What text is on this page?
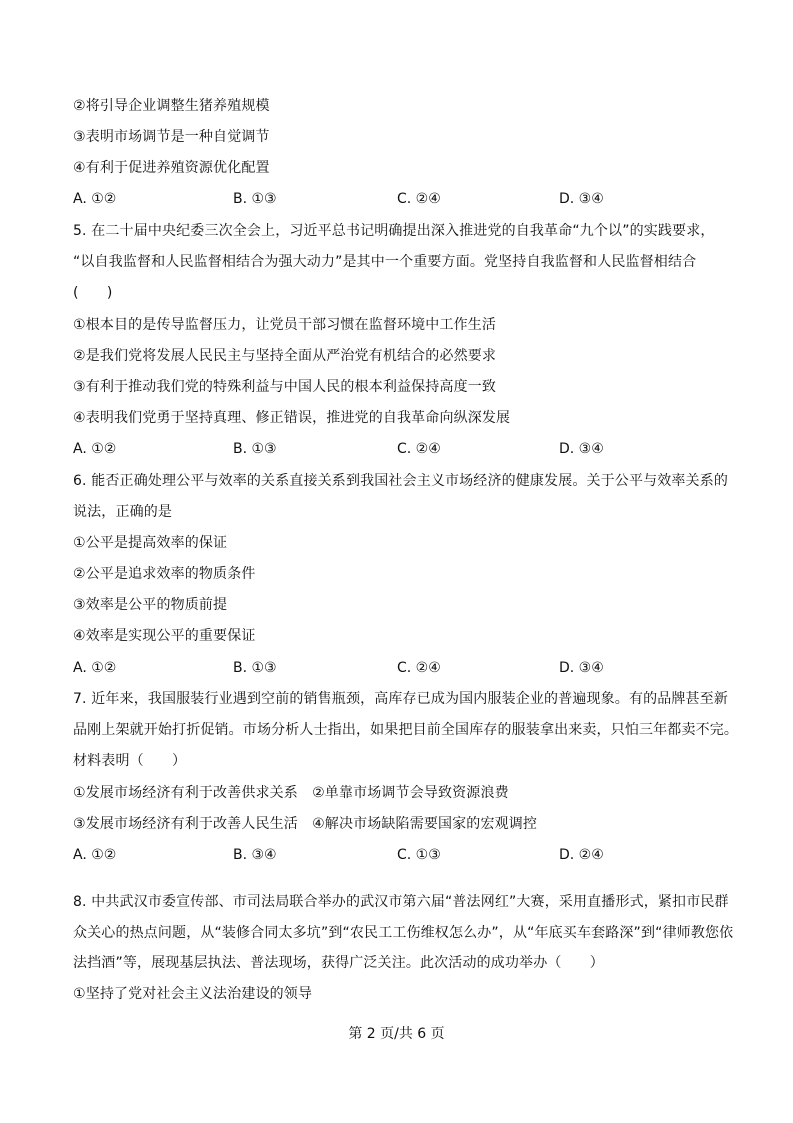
②将引导企业调整生猪养殖规模
③表明市场调节是一种自觉调节
④有利于促进养殖资源优化配置
A. ①②	B. ①③	C. ②④	D. ③④
5. 在二十届中央纪委三次全会上，习近平总书记明确提出深入推进党的自我革命“九个以”的实践要求，
“以自我监督和人民监督相结合为强大动力”是其中一个重要方面。党坚持自我监督和人民监督相结合
(　　)
①根本目的是传导监督压力，让党员干部习惯在监督环境中工作生活
②是我们党将发展人民民主与坚持全面从严治党有机结合的必然要求
③有利于推动我们党的特殊利益与中国人民的根本利益保持高度一致
④表明我们党勇于坚持真理、修正错误，推进党的自我革命向纵深发展
A. ①②	B. ①③	C. ②④	D. ③④
6. 能否正确处理公平与效率的关系直接关系到我国社会主义市场经济的健康发展。关于公平与效率关系的
说法，正确的是
①公平是提高效率的保证
②公平是追求效率的物质条件
③效率是公平的物质前提
④效率是实现公平的重要保证
A. ①②	B. ①③	C. ②④	D. ③④
7. 近年来，我国服装行业遇到空前的销售瓶颈，高库存已成为国内服装企业的普遍现象。有的品牌甚至新
品刚上架就开始打折促销。市场分析人士指出，如果把目前全国库存的服装拿出来卖，只怕三年都卖不完。
材料表明（　　）
①发展市场经济有利于改善供求关系　②单靠市场调节会导致资源浪费
③发展市场经济有利于改善人民生活　④解决市场缺陷需要国家的宏观调控
A. ①②	B. ③④	C. ①③	D. ②④
8. 中共武汉市委宣传部、市司法局联合举办的武汉市第六届“普法网红”大赛，采用直播形式，紧扣市民群
众关心的热点问题，从“装修合同太多坑”到“农民工工伤维权怎么办”，从“年底买车套路深”到“律师教您依
法挡酒”等，展现基层执法、普法现场，获得广泛关注。此次活动的成功举办（　　）
①坚持了党对社会主义法治建设的领导
第 2 页/共 6 页
